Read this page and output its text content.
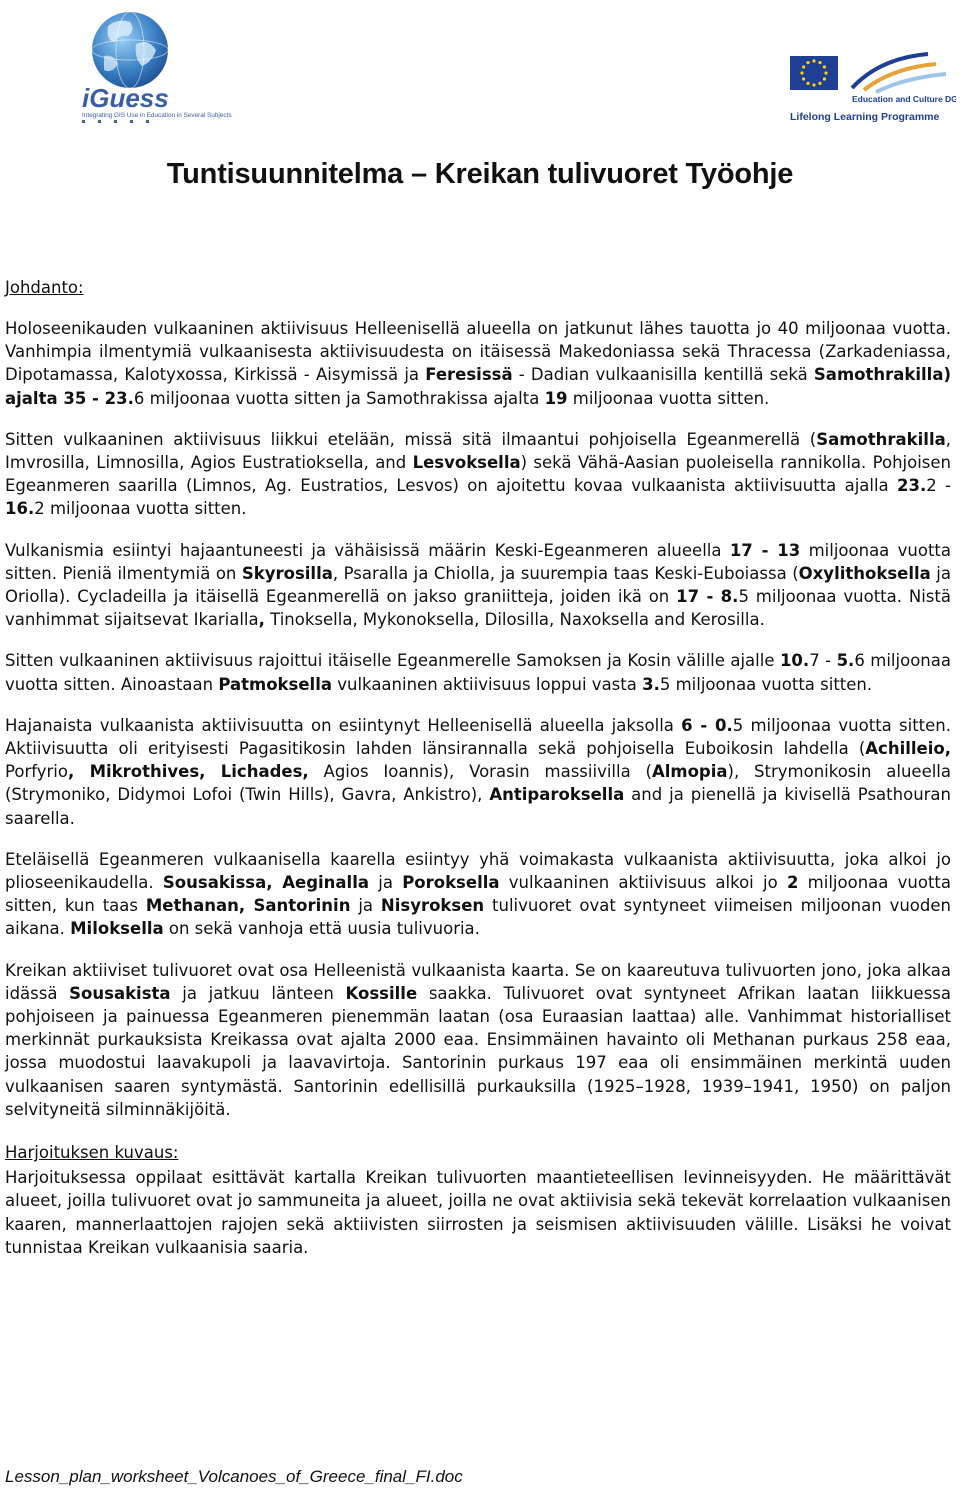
iGuess
Integrating GIS Use in Education in Several Subjects
Education and Culture DG
Lifelong Learning Programme
Tuntisuunnitelma – Kreikan tulivuoret Työohje
Johdanto:

Holoseenikauden vulkaaninen aktiivisuus Helleenisellä alueella on jatkunut lähes tauotta jo 40 miljoonaa vuotta. Vanhimpia ilmentymiä vulkaanisesta aktiivisuudesta on itäisessä Makedoniassa sekä Thracessa (Zarkadeniassa, Dipotamassa, Kalotyxossa, Kirkissä - Aisymissä ja Feresissä - Dadian vulkaanisilla kentillä sekä Samothrakilla) ajalta 35 - 23.6 miljoonaa vuotta sitten ja Samothrakissa ajalta 19 miljoonaa vuotta sitten.

Sitten vulkaaninen aktiivisuus liikkui etelään, missä sitä ilmaantui pohjoisella Egeanmerellä (Samothrakilla, Imvrosilla, Limnosilla, Agios Eustratioksella, and Lesvoksella) sekä Vähä-Aasian puoleisella rannikolla. Pohjoisen Egeanmeren saarilla (Limnos, Ag. Eustratios, Lesvos) on ajoitettu kovaa vulkaanista aktiivisuutta ajalla 23.2 - 16.2 miljoonaa vuotta sitten.

Vulkanismia esiintyi hajaantuneesti ja vähäisissä määrin Keski-Egeanmeren alueella 17 - 13 miljoonaa vuotta sitten. Pieniä ilmentymiä on Skyrosilla, Psaralla ja Chiolla, ja suurempia taas Keski-Euboiassa (Oxylithoksella ja Oriolla). Cycladeilla ja itäisellä Egeanmerellä on jakso graniitteja, joiden ikä on 17 - 8.5 miljoonaa vuotta. Nistä vanhimmat sijaitsevat Ikarialla, Tinoksella, Mykonoksella, Dilosilla, Naxoksella and Kerosilla.

Sitten vulkaaninen aktiivisuus rajoittui itäiselle Egeanmerelle Samoksen ja Kosin välille ajalle 10.7 - 5.6 miljoonaa vuotta sitten. Ainoastaan Patmoksella vulkaaninen aktiivisuus loppui vasta 3.5 miljoonaa vuotta sitten.

Hajanaista vulkaanista aktiivisuutta on esiintynyt Helleenisellä alueella jaksolla 6 - 0.5 miljoonaa vuotta sitten. Aktiivisuutta oli erityisesti Pagasitikosin lahden länsirannalla sekä pohjoisella Euboikosin lahdella (Achilleio, Porfyrio, Mikrothives, Lichades, Agios Ioannis), Vorasin massiivilla (Almopia), Strymonikosin alueella (Strymoniko, Didymoi Lofoi (Twin Hills), Gavra, Ankistro), Antiparoksella and ja pienellä ja kivisellä Psathouran saarella.

Eteläisellä Egeanmeren vulkaanisella kaarella esiintyy yhä voimakasta vulkaanista aktiivisuutta, joka alkoi jo plioseenikaudella. Sousakissa, Aeginalla ja Poroksella vulkaaninen aktiivisuus alkoi jo 2 miljoonaa vuotta sitten, kun taas Methanan, Santorinin ja Nisyroksen tulivuoret ovat syntyneet viimeisen miljoonan vuoden aikana. Miloksella on sekä vanhoja että uusia tulivuoria.

Kreikan aktiiviset tulivuoret ovat osa Helleenistä vulkaanista kaarta. Se on kaareutuva tulivuorten jono, joka alkaa idässä Sousakista ja jatkuu länteen Kossille saakka. Tulivuoret ovat syntyneet Afrikan laatan liikkuessa pohjoiseen ja painuessa Egeanmeren pienemmän laatan (osa Euraasian laattaa) alle. Vanhimmat historialliset merkinnät purkauksista Kreikassa ovat ajalta 2000 eaa. Ensimmäinen havainto oli Methanan purkaus 258 eaa, jossa muodostui laavakupoli ja laavavirtoja. Santorinin purkaus 197 eaa oli ensimmäinen merkintä uuden vulkaanisen saaren syntymästä. Santorinin edellisillä purkauksilla (1925–1928, 1939–1941, 1950) on paljon selvityneitä silminnäkijöitä.

Harjoituksen kuvaus:

Harjoituksessa oppilaat esittävät kartalla Kreikan tulivuorten maantieteellisen levinneisyyden. He määrittävät alueet, joilla tulivuoret ovat jo sammuneita ja alueet, joilla ne ovat aktiivisia sekä tekevät korrelaation vulkaanisen kaaren, mannerlaattojen rajojen sekä aktiivisten siirrosten ja seismisen aktiivisuuden välille. Lisäksi he voivat tunnistaa Kreikan vulkaanisia saaria.

Lesson_plan_worksheet_Volcanoes_of_Greece_final_FI.doc
